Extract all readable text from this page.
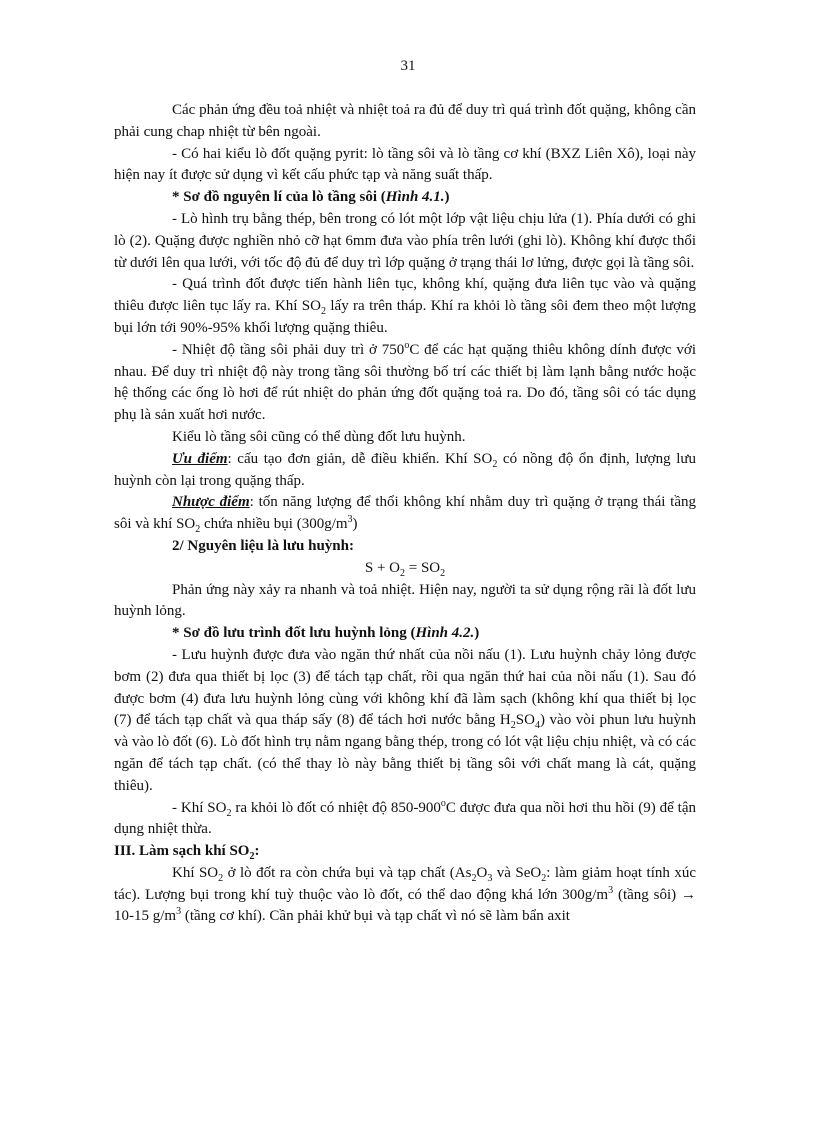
31

Các phản ứng đều toả nhiệt và nhiệt toả ra đủ để duy trì quá trình đốt quặng, không cần phải cung chap nhiệt từ bên ngoài.

- Có hai kiểu lò đốt quặng pyrit: lò tầng sôi và lò tầng cơ khí (BXZ Liên Xô), loại này hiện nay ít được sử dụng vì kết cấu phức tạp và năng suất thấp.

* Sơ đồ nguyên lí của lò tầng sôi (Hình 4.1.)

- Lò hình trụ bằng thép, bên trong có lót một lớp vật liệu chịu lửa (1). Phía dưới có ghi lò (2). Quặng được nghiền nhỏ cỡ hạt 6mm đưa vào phía trên lưới (ghi lò). Không khí được thổi từ dưới lên qua lưới, với tốc độ đủ để duy trì lớp quặng ở trạng thái lơ lửng, được gọi là tầng sôi.

- Quá trình đốt được tiến hành liên tục, không khí, quặng đưa liên tục vào và quặng thiêu được liên tục lấy ra. Khí $SO_2$ lấy ra trên tháp. Khí ra khỏi lò tầng sôi đem theo một lượng bụi lớn tới 90%-95% khối lượng quặng thiêu.

- Nhiệt độ tầng sôi phải duy trì ở 750$^o$C để các hạt quặng thiêu không dính được với nhau. Để duy trì nhiệt độ này trong tầng sôi thường bố trí các thiết bị làm lạnh bằng nước hoặc hệ thống các ống lò hơi để rút nhiệt do phản ứng đốt quặng toả ra. Do đó, tầng sôi có tác dụng phụ là sản xuất hơi nước.

Kiểu lò tầng sôi cũng có thể dùng đốt lưu huỳnh.

Ưu điểm: cấu tạo đơn giản, dễ điều khiển. Khí $SO_2$ có nồng độ ổn định, lượng lưu huỳnh còn lại trong quặng thấp.

Nhược điểm: tốn năng lượng để thổi không khí nhằm duy trì quặng ở trạng thái tầng sôi và khí $SO_2$ chứa nhiều bụi $(300g/m^3)$

2/ Nguyên liệu là lưu huỳnh:

$S + O_2 = SO_2$

Phản ứng này xảy ra nhanh và toả nhiệt. Hiện nay, người ta sử dụng rộng rãi là đốt lưu huỳnh lỏng.

* Sơ đồ lưu trình đốt lưu huỳnh lỏng (Hình 4.2.)

- Lưu huỳnh được đưa vào ngăn thứ nhất của nồi nấu (1). Lưu huỳnh chảy lỏng được bơm (2) đưa qua thiết bị lọc (3) để tách tạp chất, rồi qua ngăn thứ hai của nồi nấu (1). Sau đó được bơm (4) đưa lưu huỳnh lỏng cùng với không khí đã làm sạch (không khí qua thiết bị lọc (7) để tách tạp chất và qua tháp sấy (8) để tách hơi nước bằng $H_2SO_4$) vào vòi phun lưu huỳnh và vào lò đốt (6). Lò đốt hình trụ nằm ngang bằng thép, trong có lót vật liệu chịu nhiệt, và có các ngăn để tách tạp chất. (có thể thay lò này bằng thiết bị tầng sôi với chất mang là cát, quặng thiêu).

- Khí $SO_2$ ra khỏi lò đốt có nhiệt độ 850-900$^o$C được đưa qua nồi hơi thu hồi (9) để tận dụng nhiệt thừa.

III. Làm sạch khí $SO_2$:

Khí $SO_2$ ở lò đốt ra còn chứa bụi và tạp chất ($As_2O_3$ và SeO$_2$: làm giảm hoạt tính xúc tác). Lượng bụi trong khí tuỳ thuộc vào lò đốt, có thể dao động khá lớn $300g/m^3$ (tầng sôi) → 10-15 $g/m^3$ (tầng cơ khí). Cần phải khử bụi và tạp chất vì nó sẽ làm bẩn axit
